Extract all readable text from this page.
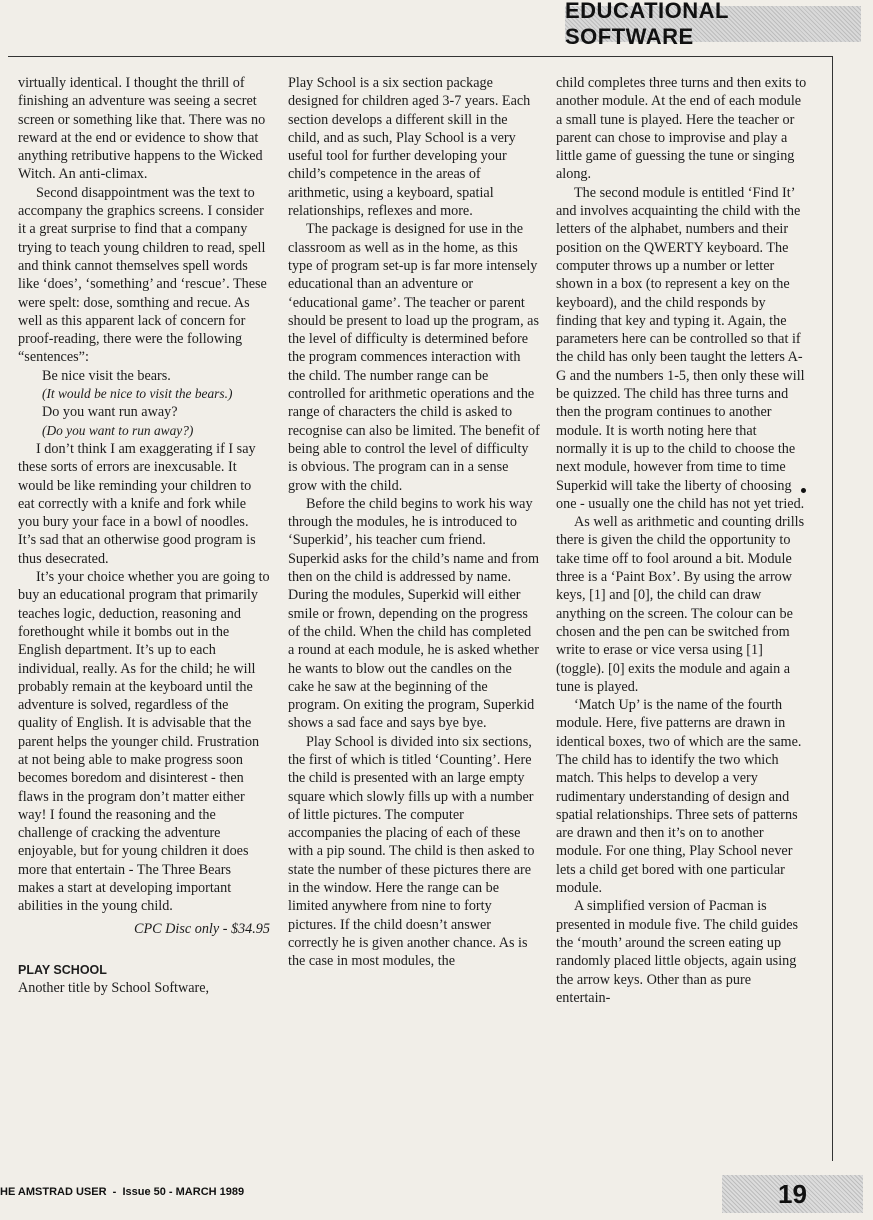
EDUCATIONAL SOFTWARE

virtually identical. I thought the thrill of finishing an adventure was seeing a secret screen or something like that. There was no reward at the end or evidence to show that anything retributive happens to the Wicked Witch. An anti-climax.

Second disappointment was the text to accompany the graphics screens. I consider it a great surprise to find that a company trying to teach young children to read, spell and think cannot themselves spell words like ‘does’, ‘something’ and ‘rescue’. These were spelt: dose, somthing and recue. As well as this apparent lack of concern for proof-reading, there were the following “sentences”:

Be nice visit the bears.

(It would be nice to visit the bears.)

Do you want run away?

(Do you want to run away?)

I don’t think I am exaggerating if I say these sorts of errors are inexcusable. It would be like reminding your children to eat correctly with a knife and fork while you bury your face in a bowl of noodles. It’s sad that an otherwise good program is thus desecrated.

It’s your choice whether you are going to buy an educational program that primarily teaches logic, deduction, reasoning and forethought while it bombs out in the English department. It’s up to each individual, really. As for the child; he will probably remain at the keyboard until the adventure is solved, regardless of the quality of English. It is advisable that the parent helps the younger child. Frustration at not being able to make progress soon becomes boredom and disinterest - then flaws in the program don’t matter either way! I found the reasoning and the challenge of cracking the adventure enjoyable, but for young children it does more that entertain - The Three Bears makes a start at developing important abilities in the young child.

CPC Disc only - $34.95

PLAY SCHOOL

Another title by School Software,

Play School is a six section package designed for children aged 3-7 years. Each section develops a different skill in the child, and as such, Play School is a very useful tool for further developing your child’s competence in the areas of arithmetic, using a keyboard, spatial relationships, reflexes and more.

The package is designed for use in the classroom as well as in the home, as this type of program set-up is far more intensely educational than an adventure or ‘educational game’. The teacher or parent should be present to load up the program, as the level of difficulty is determined before the program commences interaction with the child. The number range can be controlled for arithmetic operations and the range of characters the child is asked to recognise can also be limited. The benefit of being able to control the level of difficulty is obvious. The program can in a sense grow with the child.

Before the child begins to work his way through the modules, he is introduced to ‘Superkid’, his teacher cum friend. Superkid asks for the child’s name and from then on the child is addressed by name. During the modules, Superkid will either smile or frown, depending on the progress of the child. When the child has completed a round at each module, he is asked whether he wants to blow out the candles on the cake he saw at the beginning of the program. On exiting the program, Superkid shows a sad face and says bye bye.

Play School is divided into six sections, the first of which is titled ‘Counting’. Here the child is presented with an large empty square which slowly fills up with a number of little pictures. The computer accompanies the placing of each of these with a pip sound. The child is then asked to state the number of these pictures there are in the window. Here the range can be limited anywhere from nine to forty pictures. If the child doesn’t answer correctly he is given another chance. As is the case in most modules, the

child completes three turns and then exits to another module. At the end of each module a small tune is played. Here the teacher or parent can chose to improvise and play a little game of guessing the tune or singing along.

The second module is entitled ‘Find It’ and involves acquainting the child with the letters of the alphabet, numbers and their position on the QWERTY keyboard. The computer throws up a number or letter shown in a box (to represent a key on the keyboard), and the child responds by finding that key and typing it. Again, the parameters here can be controlled so that if the child has only been taught the letters A-G and the numbers 1-5, then only these will be quizzed. The child has three turns and then the program continues to another module. It is worth noting here that normally it is up to the child to choose the next module, however from time to time Superkid will take the liberty of choosing one - usually one the child has not yet tried.

As well as arithmetic and counting drills there is given the child the opportunity to take time off to fool around a bit. Module three is a ‘Paint Box’. By using the arrow keys, [1] and [0], the child can draw anything on the screen. The colour can be chosen and the pen can be switched from write to erase or vice versa using [1] (toggle). [0] exits the module and again a tune is played.

‘Match Up’ is the name of the fourth module. Here, five patterns are drawn in identical boxes, two of which are the same. The child has to identify the two which match. This helps to develop a very rudimentary understanding of design and spatial relationships. Three sets of patterns are drawn and then it’s on to another module. For one thing, Play School never lets a child get bored with one particular module.

A simplified version of Pacman is presented in module five. The child guides the ‘mouth’ around the screen eating up randomly placed little objects, again using the arrow keys. Other than as pure entertain-

HE AMSTRAD USER  -  Issue 50 - MARCH 1989	19
